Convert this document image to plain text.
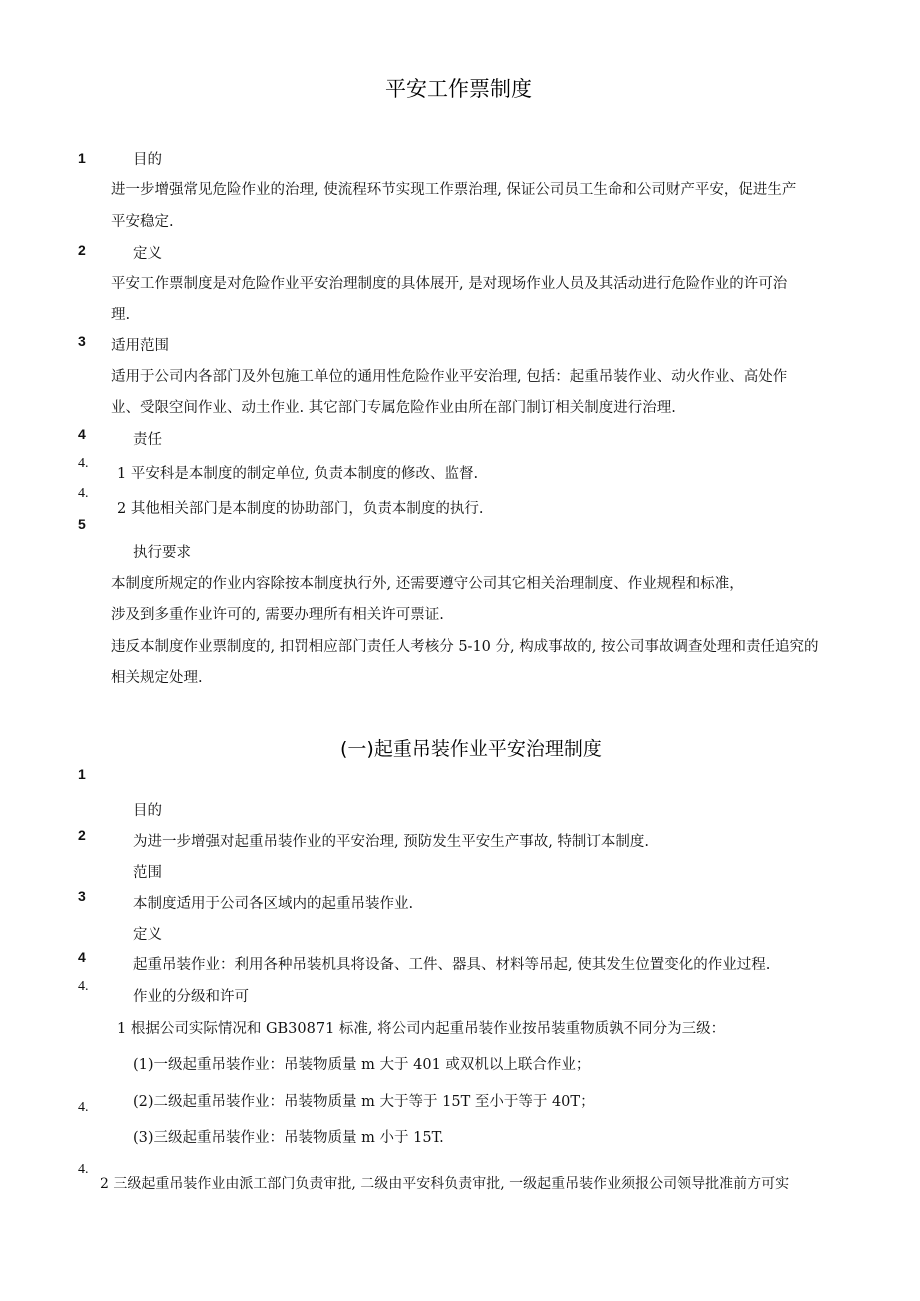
平安工作票制度
1	目的
进一步增强常见危险作业的治理, 使流程环节实现工作票治理, 保证公司员工生命和公司财产平安，促进生产
平安稳定.
2	定义
平安工作票制度是对危险作业平安治理制度的具体展开, 是对现场作业人员及其活动进行危险作业的许可治
理.
3 适用范围
适用于公司内各部门及外包施工单位的通用性危险作业平安治理, 包括：起重吊装作业、动火作业、高处作
业、受限空间作业、动土作业. 其它部门专属危险作业由所在部门制订相关制度进行治理.
4	责任
4.
1 平安科是本制度的制定单位, 负责本制度的修改、监督.
4.
2 其他相关部门是本制度的协助部门，负责本制度的执行.
5
执行要求
本制度所规定的作业内容除按本制度执行外, 还需要遵守公司其它相关治理制度、作业规程和标准，
涉及到多重作业许可的, 需要办理所有相关许可票证.
违反本制度作业票制度的, 扣罚相应部门责任人考核分 5-10 分, 构成事故的, 按公司事故调查处理和责任追究的
相关规定处理.
(一)起重吊装作业平安治理制度
1
目的
2	为进一步增强对起重吊装作业的平安治理, 预防发生平安生产事故, 特制订本制度.
范围
3	本制度适用于公司各区域内的起重吊装作业.
定义
4	起重吊装作业：利用各种吊装机具将设备、工件、器具、材料等吊起, 使其发生位置变化的作业过程.
4.
作业的分级和许可
1 根据公司实际情况和 GB30871 标准, 将公司内起重吊装作业按吊装重物质孰不同分为三级：
(1)一级起重吊装作业：吊装物质量 m 大于 401 或双机以上联合作业；
4.	(2)二级起重吊装作业：吊装物质量 m 大于等于 15T 至小于等于 40T；
(3)三级起重吊装作业：吊装物质量 m 小于 15T.
4.
2 三级起重吊装作业由派工部门负责审批, 二级由平安科负责审批, 一级起重吊装作业须报公司领导批准前方可实
